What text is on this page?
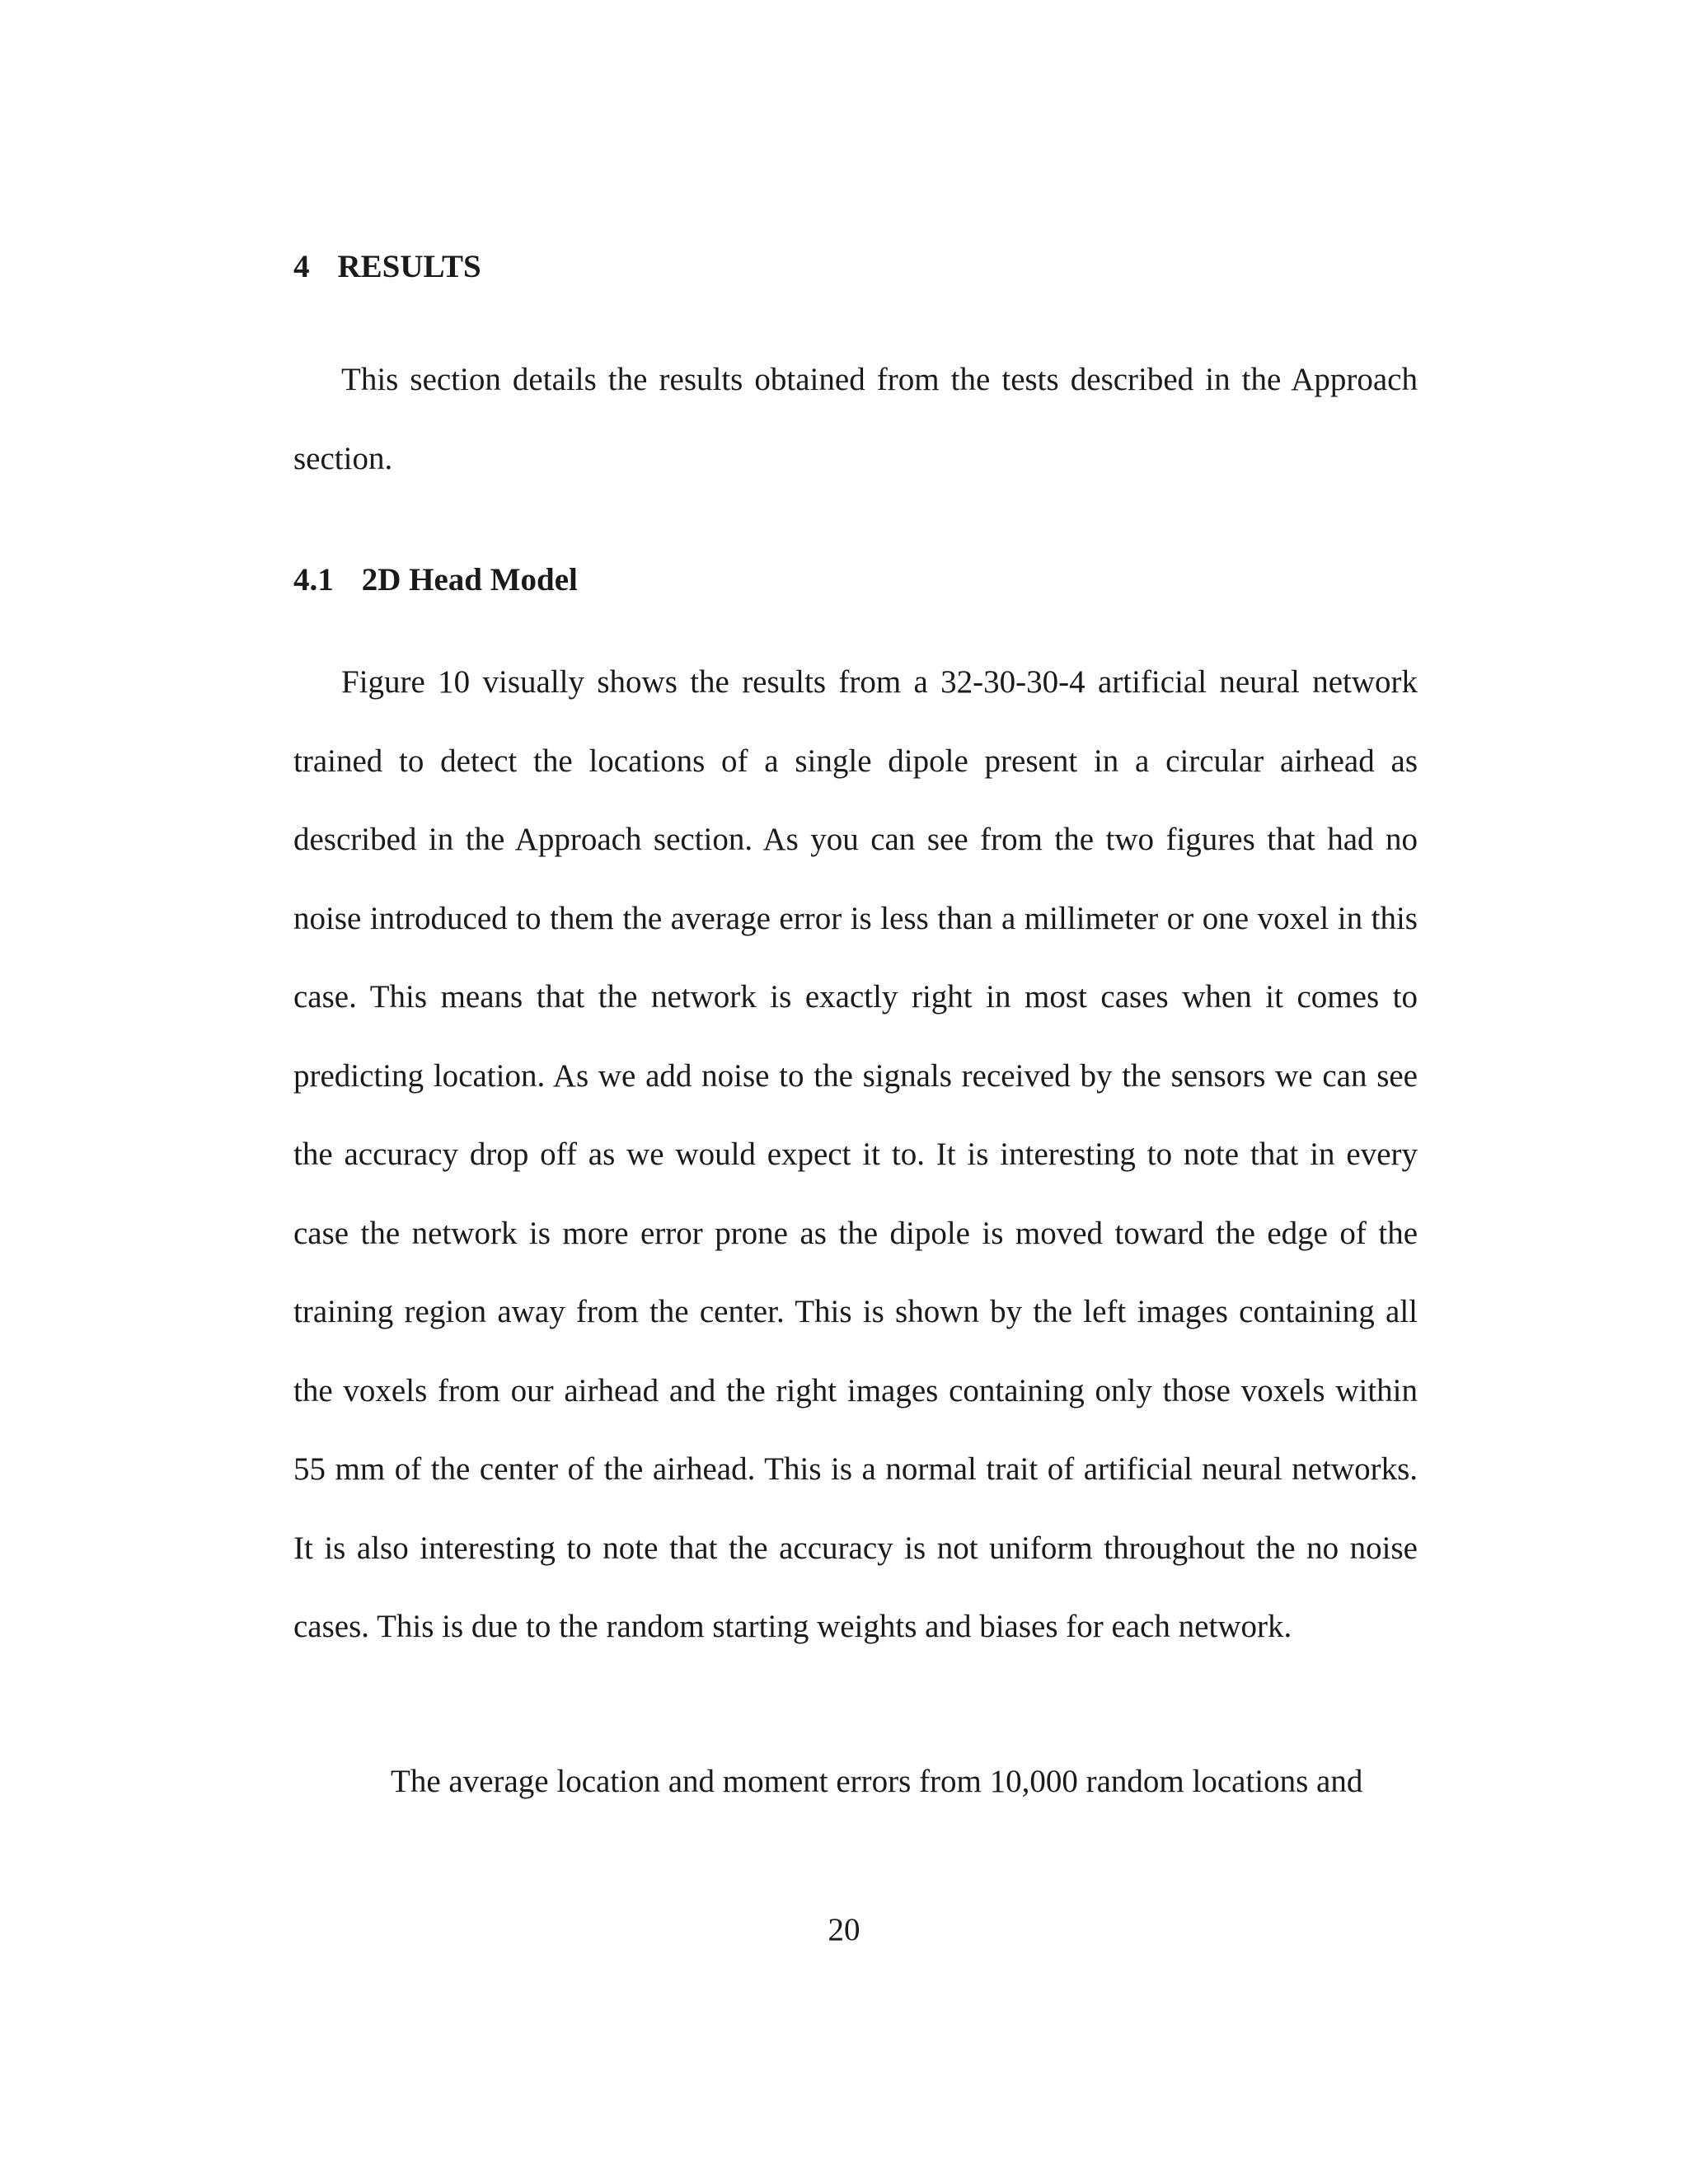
4 RESULTS

This section details the results obtained from the tests described in the Approach section.

4.1 2D Head Model

Figure 10 visually shows the results from a 32-30-30-4 artificial neural network trained to detect the locations of a single dipole present in a circular airhead as described in the Approach section. As you can see from the two figures that had no noise introduced to them the average error is less than a millimeter or one voxel in this case. This means that the network is exactly right in most cases when it comes to predicting location. As we add noise to the signals received by the sensors we can see the accuracy drop off as we would expect it to. It is interesting to note that in every case the network is more error prone as the dipole is moved toward the edge of the training region away from the center. This is shown by the left images containing all the voxels from our airhead and the right images containing only those voxels within 55 mm of the center of the airhead. This is a normal trait of artificial neural networks. It is also interesting to note that the accuracy is not uniform throughout the no noise cases. This is due to the random starting weights and biases for each network.

The average location and moment errors from 10,000 random locations and

20
